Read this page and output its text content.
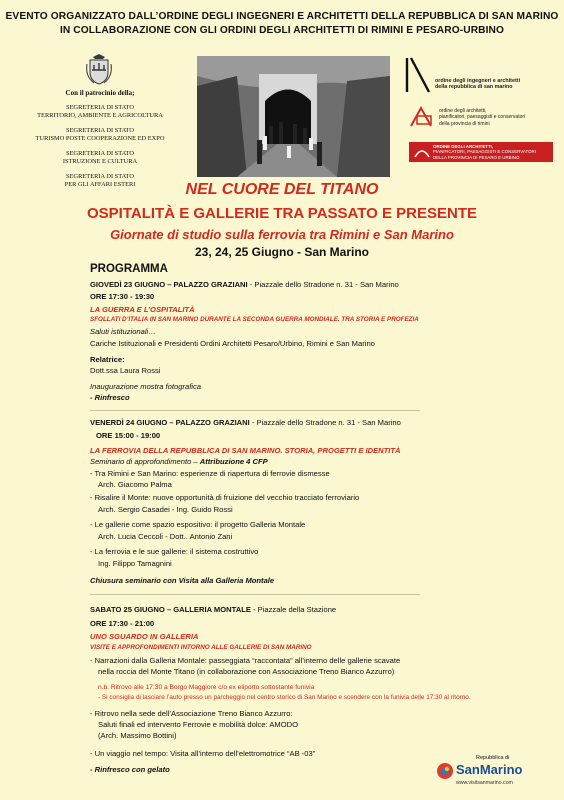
EVENTO ORGANIZZATO DALL’ORDINE DEGLI INGEGNERI E ARCHITETTI DELLA REPUBBLICA DI SAN MARINO
IN COLLABORAZIONE CON GLI ORDINI DEGLI ARCHITETTI DI RIMINI E PESARO-URBINO
Con il patrocinio della;
SEGRETERIA DI STATO
TERRITORIO, AMBIENTE E AGRICOLTURA
SEGRETERIA DI STATO
TURISMO POSTE COOPERAZIONE ED EXPO
SEGRETERIA DI STATO
ISTRUZIONE E CULTURA
SEGRETERIA DI STATO
PER GLI AFFARI ESTERI
ordine degli ingegneri e architetti
della repubblica di san marino
ordine degli architetti,
pianificatori, paesaggisti e conservatori
della provincia di rimini
ORDINE DEGLI ARCHITETTI,
PIANIFICATORI, PAESAGGISTI E CONSERVATORI
DELLA PROVINCIA DI PESARO E URBINO
NEL CUORE DEL TITANO
OSPITALITÀ E GALLERIE TRA PASSATO E PRESENTE
Giornate di studio sulla ferrovia tra Rimini e San Marino
23, 24, 25 Giugno - San Marino
PROGRAMMA
GIOVEDÌ 23 GIUGNO – PALAZZO GRAZIANI - Piazzale dello Stradone n. 31 - San Marino
ORE 17:30 - 19:30
LA GUERRA E L’OSPITALITÀ
SFOLLATI D’ITALIA IN SAN MARINO DURANTE LA SECONDA GUERRA MONDIALE. TRA STORIA E PROFEZIA
Saluti istituzionali…
Cariche Istituzionali e Presidenti Ordini Architetti Pesaro/Urbino, Rimini e San Marino
Relatrice:
Dott.ssa Laura Rossi
Inaugurazione mostra fotografica
- Rinfresco
VENERDÌ 24 GIUGNO – PALAZZO GRAZIANI - Piazzale dello Stradone n. 31 - San Marino
ORE 15:00 - 19:00
LA FERROVIA DELLA REPUBBLICA DI SAN MARINO. STORIA, PROGETTI E IDENTITÀ
Seminario di approfondimento – Attribuzione 4 CFP
- Tra Rimini e San Marino: esperienze di riapertura di ferrovie dismesse
Arch. Giacomo Palma
- Risalire il Monte: nuove opportunità di fruizione del vecchio tracciato ferroviario
Arch. Sergio Casadei - Ing. Guido Rossi
- Le gallerie come spazio espositivo: il progetto Galleria Montale
Arch. Lucia Ceccoli - Dott.. Antonio Zani
- La ferrovia e le sue gallerie: il sistema costruttivo
Ing. Filippo Tamagnini
Chiusura seminario con Visita alla Galleria Montale
SABATO 25 GIUGNO – GALLERIA MONTALE - Piazzale della Stazione
ORE 17:30 - 21:00
UNO SGUARDO IN GALLERIA
VISITE E APPROFONDIMENTI INTORNO ALLE GALLERIE DI SAN MARINO
- Narrazioni dalla Galleria Montale: passeggiata “raccontata” all’interno delle gallerie scavate
nella roccia del Monte Titano (in collaborazione con Associazione Treno Bianco Azzurro)
n.b. Ritrovo alle 17:30 a Borgo Maggiore c/o ex eliporto sottostante funivia
- Si consiglia di lasciare l’auto presso un parcheggio nel centro storico di San Marino e scendere con la funivia delle 17:30 al ritorno.
- Ritrovo nella sede dell’Associazione Treno Bianco Azzurro:
Saluti finali ed intervento Ferrovie e mobilità dolce: AMODO
(Arch. Massimo Bottini)
- Un viaggio nel tempo: Visita all’interno dell’elettromotrice “AB -03”
- Rinfresco con gelato
Repubblica di
SanMarino
www.visitsanmarino.com
